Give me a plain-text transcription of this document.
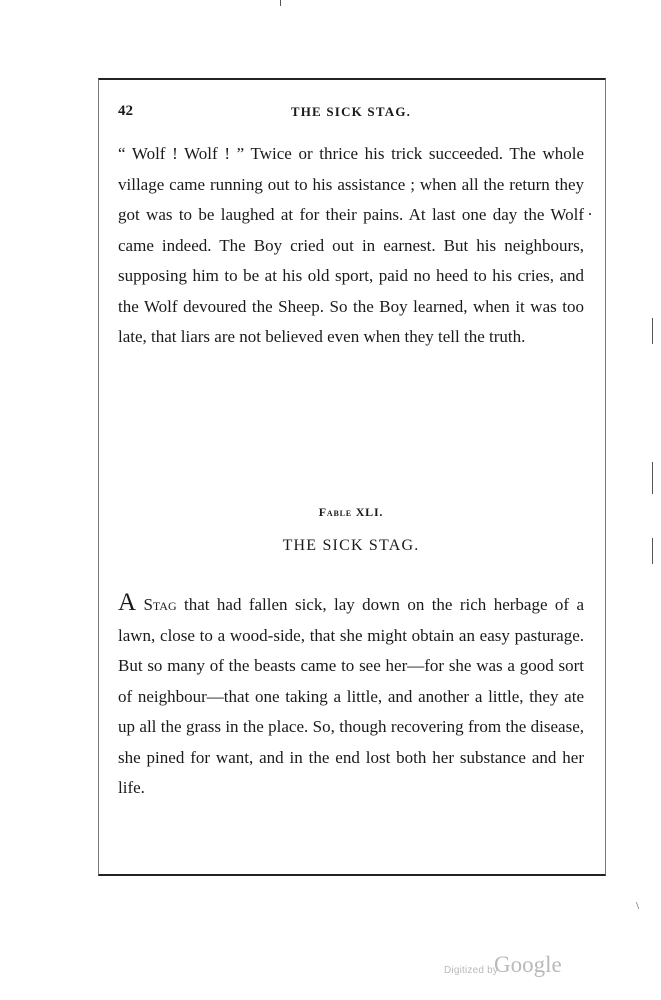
42	THE SICK STAG.

“ Wolf ! Wolf ! ” Twice or thrice his trick succeeded. The whole village came running out to his assistance ; when all the return they got was to be laughed at for their pains. At last one day the Wolf came indeed. The Boy cried out in earnest. But his neighbours, supposing him to be at his old sport, paid no heed to his cries, and the Wolf devoured the Sheep. So the Boy learned, when it was too late, that liars are not believed even when they tell the truth.

Fable XLI.
THE SICK STAG.

A Stag that had fallen sick, lay down on the rich herbage of a lawn, close to a wood-side, that she might obtain an easy pasturage. But so many of the beasts came to see her—for she was a good sort of neighbour—that one taking a little, and another a little, they ate up all the grass in the place. So, though recovering from the disease, she pined for want, and in the end lost both her substance and her life.

\
Digitized by
Google
